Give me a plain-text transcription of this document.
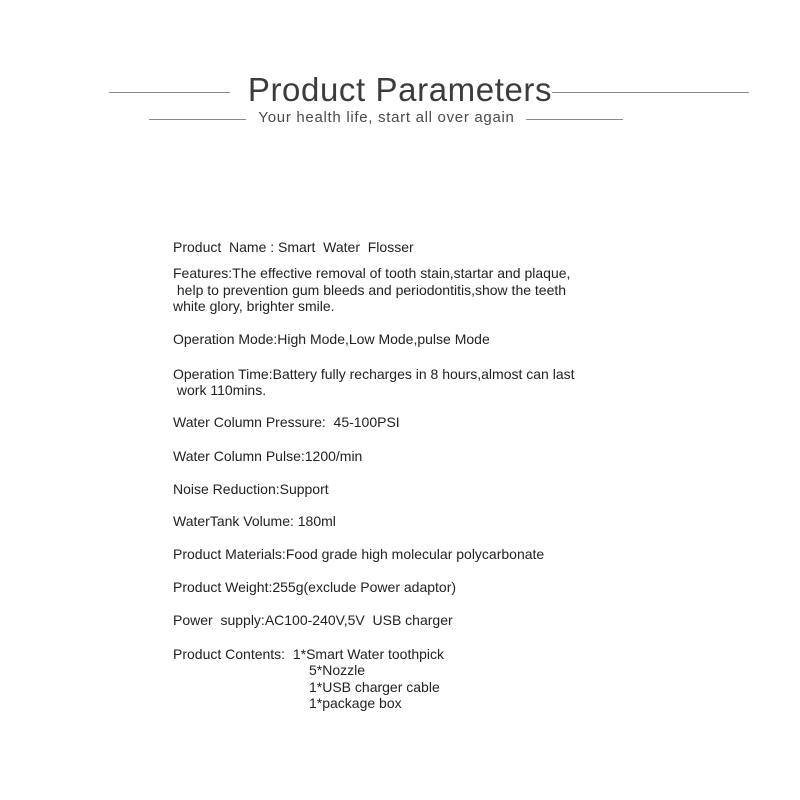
Product Parameters
Your health life, start all over again
Product  Name : Smart  Water  Flosser
Features:The effective removal of tooth stain,startar and plaque,
help to prevention gum bleeds and periodontitis,show the teeth
white glory, brighter smile.
Operation Mode:High Mode,Low Mode,pulse Mode
Operation Time:Battery fully recharges in 8 hours,almost can last
work 110mins.
Water Column Pressure:  45-100PSI
Water Column Pulse:1200/min
Noise Reduction:Support
WaterTank Volume: 180ml
Product Materials:Food grade high molecular polycarbonate
Product Weight:255g(exclude Power adaptor)
Power  supply:AC100-240V,5V  USB charger
Product Contents:  1*Smart Water toothpick
5*Nozzle
1*USB charger cable
1*package box
